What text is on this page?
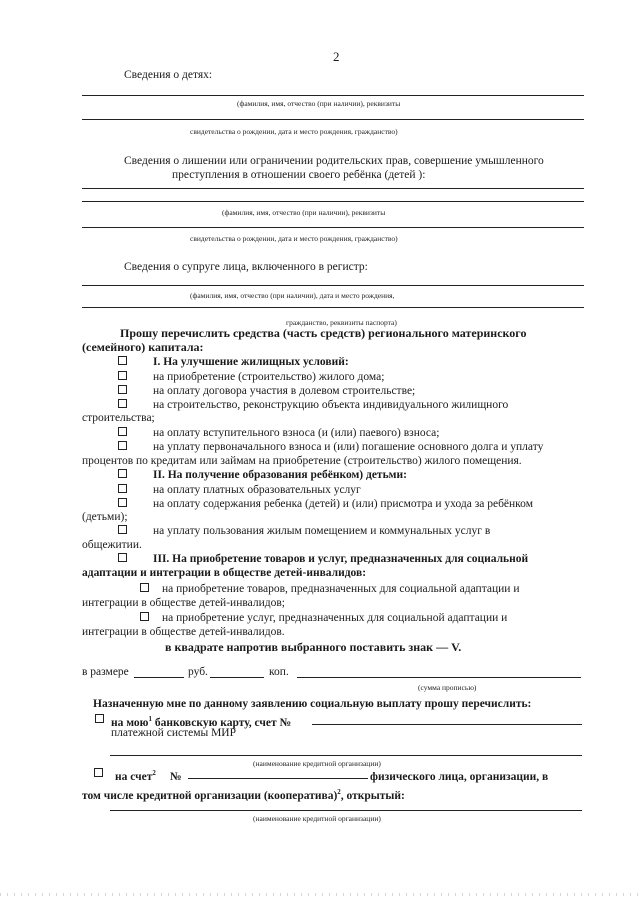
2
Сведения о детях:
(фамилия, имя, отчество (при наличии), реквизиты
свидетельства о рождении, дата и место рождения, гражданство)
Сведения о лишении или ограничении родительских прав, совершение умышленного
преступления в отношении своего ребёнка (детей ):
(фамилия, имя, отчество (при наличии), реквизиты
свидетельства о рождении, дата и место рождения, гражданство)
Сведения о супруге лица, включенного в регистр:
(фамилия, имя, отчество (при наличии), дата и место рождения,
гражданство, реквизиты паспорта)
Прошу перечислить средства (часть средств) регионального материнского
(семейного) капитала:
I. На улучшение жилищных условий:
на приобретение (строительство) жилого дома;
на оплату договора участия в долевом строительстве;
на строительство, реконструкцию объекта индивидуального жилищного
строительства;
на оплату вступительного взноса (и (или) паевого) взноса;
на уплату первоначального взноса и (или) погашение основного долга и уплату
процентов по кредитам или займам на приобретение (строительство) жилого помещения.
II. На получение образования ребёнком) детьми:
на оплату платных образовательных услуг
на оплату содержания ребенка (детей) и (или) присмотра и ухода за ребёнком
(детьми);
на уплату пользования жилым помещением и коммунальных услуг в
общежитии.
III. На приобретение товаров и услуг, предназначенных для социальной
адаптации и интеграции в обществе детей-инвалидов:
на приобретение товаров, предназначенных для социальной адаптации и
интеграции в обществе детей-инвалидов;
на приобретение услуг, предназначенных для социальной адаптации и
интеграции в обществе детей-инвалидов.
в квадрате напротив выбранного поставить знак — V.
в размере	руб.	коп.
(сумма прописью)
Назначенную мне по данному заявлению социальную выплату прошу перечислить:
на мою$^1$ банковскую карту, счет №
платежной системы МИР
(наименование кредитной организации)
на счет$^2$ №	физического лица, организации, в
том числе кредитной организации (кооператива)$^2$, открытый:
(наименование кредитной организации)
